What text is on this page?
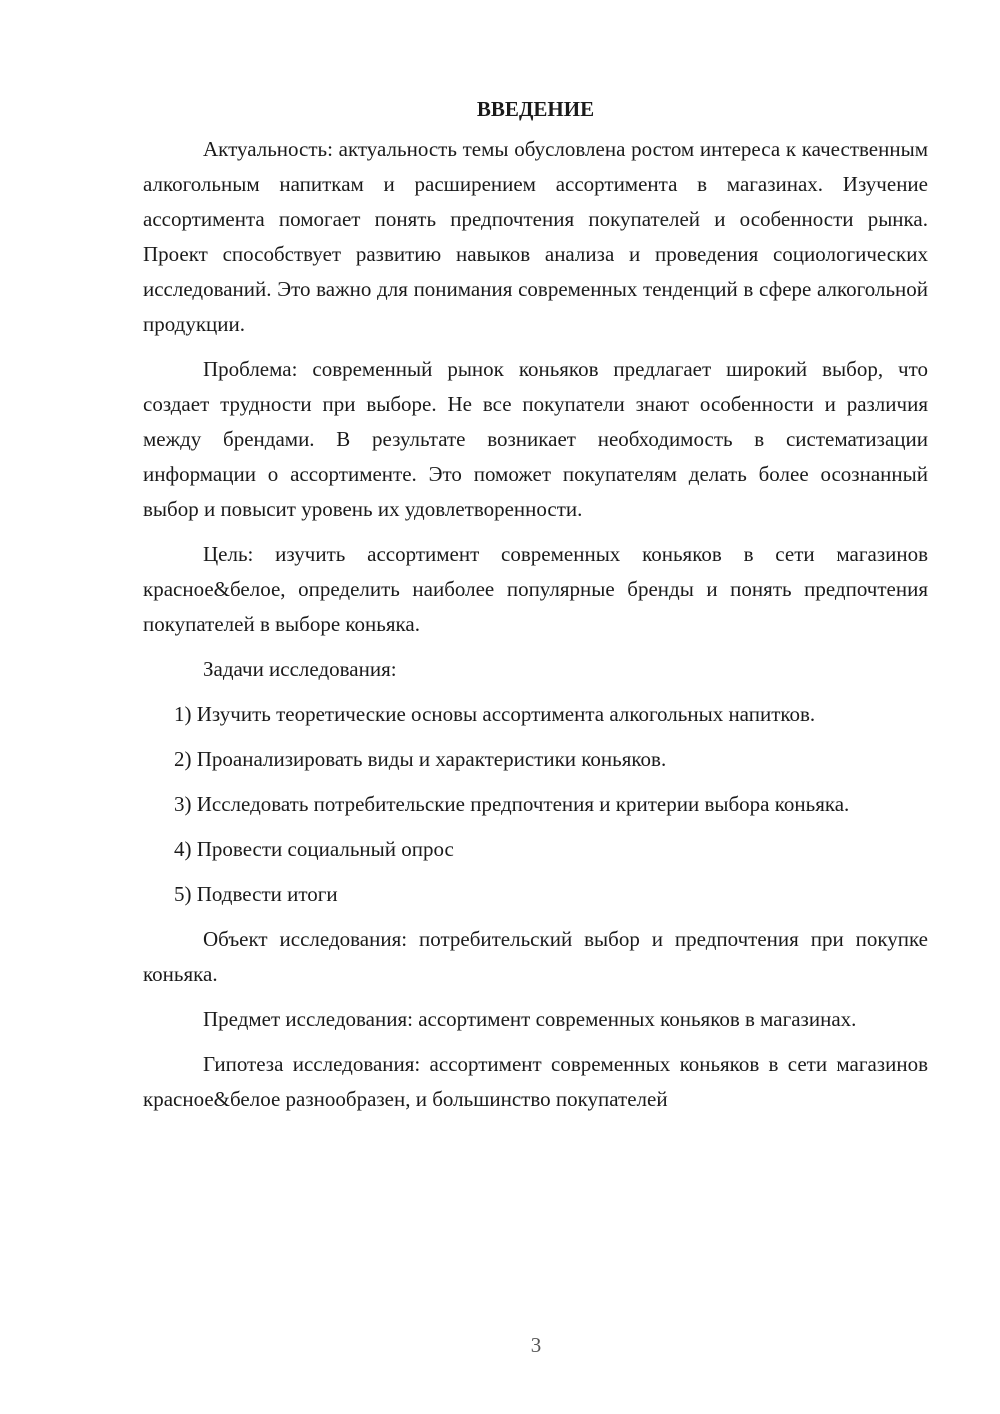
ВВЕДЕНИЕ

Актуальность: актуальность темы обусловлена ростом интереса к качественным алкогольным напиткам и расширением ассортимента в магазинах. Изучение ассортимента помогает понять предпочтения покупателей и особенности рынка. Проект способствует развитию навыков анализа и проведения социологических исследований. Это важно для понимания современных тенденций в сфере алкогольной продукции.

Проблема: современный рынок коньяков предлагает широкий выбор, что создает трудности при выборе. Не все покупатели знают особенности и различия между брендами. В результате возникает необходимость в систематизации информации о ассортименте. Это поможет покупателям делать более осознанный выбор и повысит уровень их удовлетворенности.

Цель: изучить ассортимент современных коньяков в сети магазинов красное&белое, определить наиболее популярные бренды и понять предпочтения покупателей в выборе коньяка.

Задачи исследования:

1) Изучить теоретические основы ассортимента алкогольных напитков.

2) Проанализировать виды и характеристики коньяков.

3) Исследовать потребительские предпочтения и критерии выбора коньяка.

4) Провести социальный опрос

5) Подвести итоги

Объект исследования: потребительский выбор и предпочтения при покупке коньяка.

Предмет исследования: ассортимент современных коньяков в магазинах.

Гипотеза исследования: ассортимент современных коньяков в сети магазинов красное&белое разнообразен, и большинство покупателей

3
